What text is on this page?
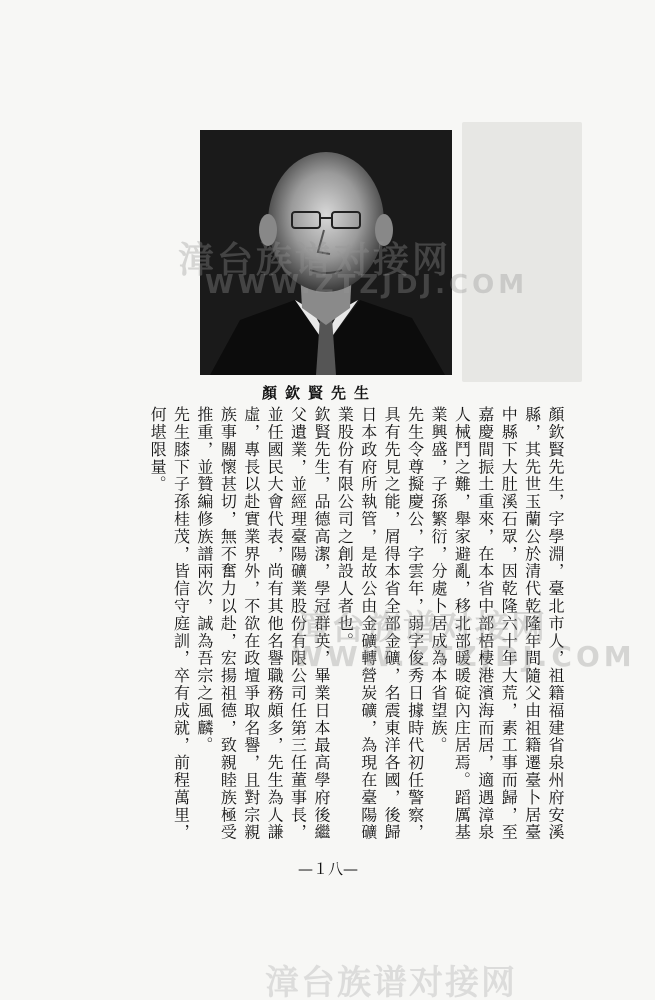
顏欽賢先生

顏欽賢先生，字學淵，臺北市人，祖籍福建省泉州府安溪縣，其先世玉蘭公於清代乾隆年間隨父由祖籍遷臺卜居臺中縣下大肚溪石眾，因乾隆六十年大荒，素工事而歸，至嘉慶間振土重來，在本省中部梧棲港濱海而居，適遇漳泉人械鬥之難，舉家避亂，移北部暖暖碇內庄居焉。蹈厲基業興盛，子孫繁衍，分處卜居成為本省望族。

先生令尊擬慶公，字雲年，弱字俊秀日據時代初任警察，具有先見之能，屑得本省全部金礦，名震東洋各國，後歸日本政府所執管，是故公由金礦轉營炭礦，為現在臺陽礦業股份有限公司之創設人者也。

欽賢先生，品德高潔，學冠群英，畢業日本最高學府後繼父遺業，並經理臺陽礦業股份有限公司任第三任董事長，並任國民大會代表，尚有其他名譽職務頗多，先生為人謙虛，專長以赴實業界外，不欲在政壇爭取名譽，且對宗親族事關懷甚切，無不奮力以赴，宏揚祖德，致親睦族極受推重，並贊編修族譜兩次，誠為吾宗之風麟。

先生膝下子孫桂茂，皆信守庭訓，卒有成就，前程萬里，何堪限量。

—１八—
漳台族谱对接网
WWW.ZTZJDJ.COM
漳台族谱对接网
WWW.ZTZJDJ.COM
漳台族谱对接网
